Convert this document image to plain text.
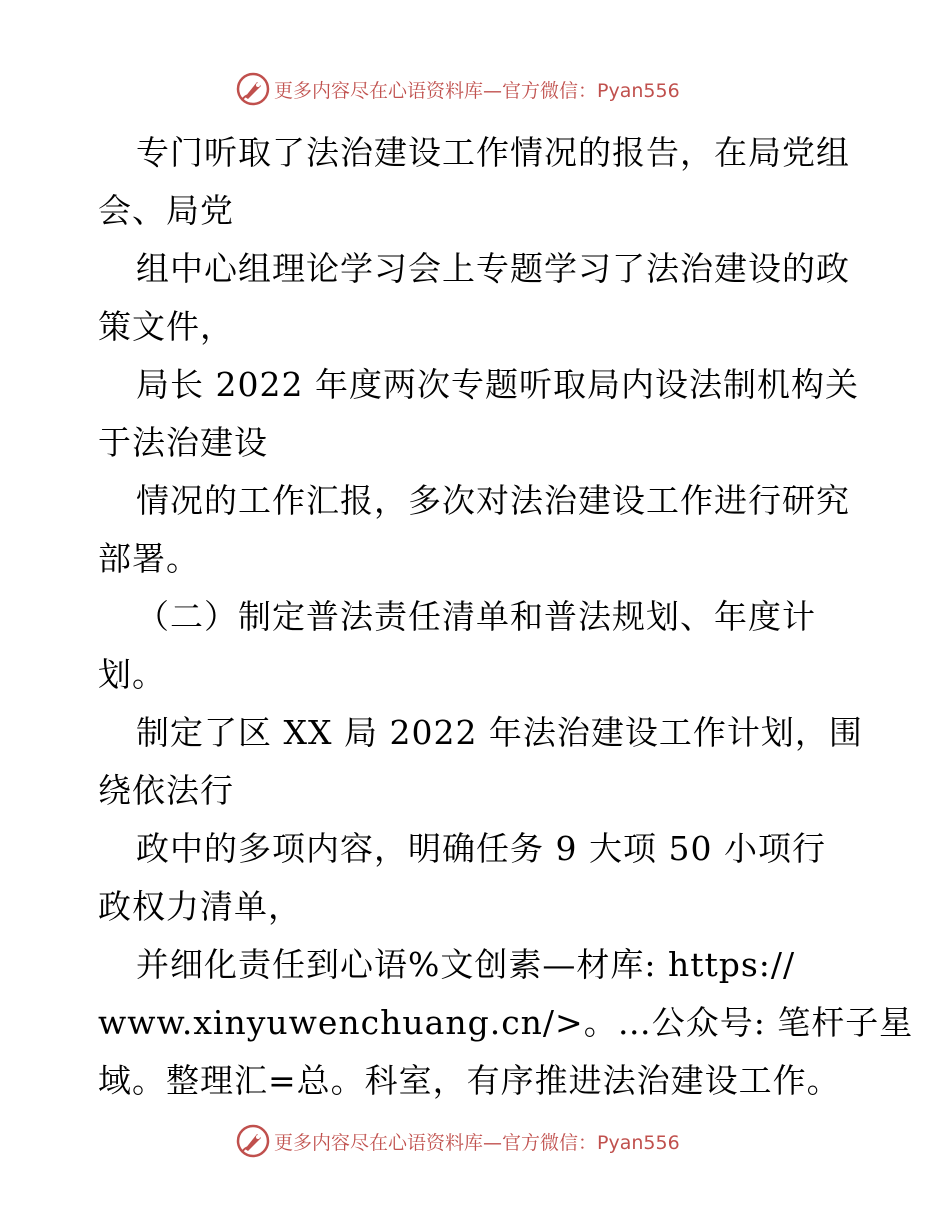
更多内容尽在心语资料库—官方微信：Pyan556
专门听取了法治建设工作情况的报告，在局党组
会、局党
组中心组理论学习会上专题学习了法治建设的政
策文件，
局长 2022 年度两次专题听取局内设法制机构关
于法治建设
情况的工作汇报，多次对法治建设工作进行研究
部署。
（二）制定普法责任清单和普法规划、年度计
划。
制定了区 XX 局 2022 年法治建设工作计划，围
绕依法行
政中的多项内容，明确任务 9 大项 50 小项行
政权力清单，
并细化责任到心语%文创素—材库: https://
www.xinyuwenchuang.cn/>。…公众号: 笔杆子星
域。整理汇=总。科室，有序推进法治建设工作。
更多内容尽在心语资料库—官方微信：Pyan556
